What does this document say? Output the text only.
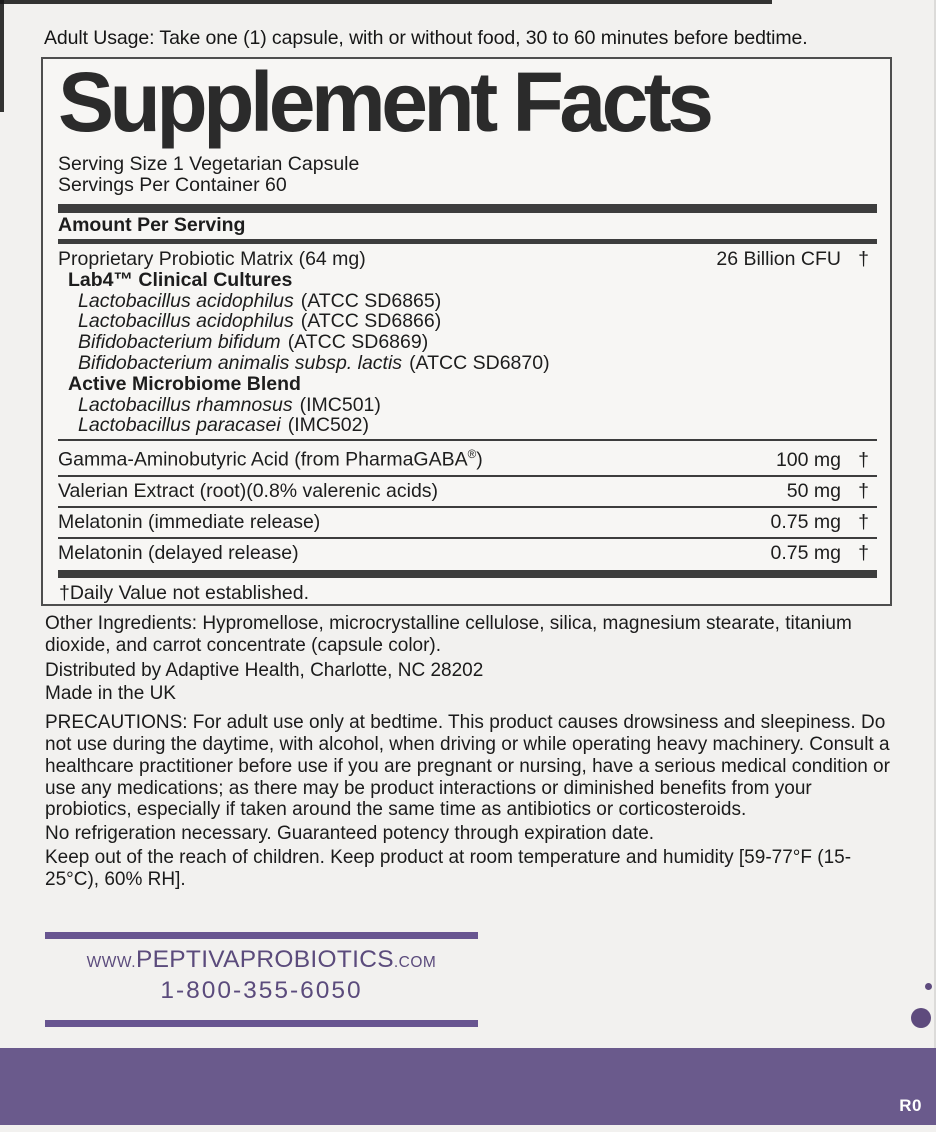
Adult Usage: Take one (1) capsule, with or without food, 30 to 60 minutes before bedtime.
Supplement Facts
Serving Size 1 Vegetarian Capsule
Servings Per Container 60
Amount Per Serving
Proprietary Probiotic Matrix (64 mg)	26 Billion CFU †
Lab4™ Clinical Cultures
Lactobacillus acidophilus (ATCC SD6865)
Lactobacillus acidophilus (ATCC SD6866)
Bifidobacterium bifidum (ATCC SD6869)
Bifidobacterium animalis subsp. lactis (ATCC SD6870)
Active Microbiome Blend
Lactobacillus rhamnosus (IMC501)
Lactobacillus paracasei (IMC502)
Gamma-Aminobutyric Acid (from PharmaGABA®)	100 mg †
Valerian Extract (root)(0.8% valerenic acids)	50 mg †
Melatonin (immediate release)	0.75 mg †
Melatonin (delayed release)	0.75 mg †
†Daily Value not established.

Other Ingredients: Hypromellose, microcrystalline cellulose, silica, magnesium stearate, titanium dioxide, and carrot concentrate (capsule color).

Distributed by Adaptive Health, Charlotte, NC 28202

Made in the UK

PRECAUTIONS: For adult use only at bedtime. This product causes drowsiness and sleepiness. Do not use during the daytime, with alcohol, when driving or while operating heavy machinery. Consult a healthcare practitioner before use if you are pregnant or nursing, have a serious medical condition or use any medications; as there may be product interactions or diminished benefits from your probiotics, especially if taken around the same time as antibiotics or corticosteroids.

No refrigeration necessary. Guaranteed potency through expiration date.

Keep out of the reach of children. Keep product at room temperature and humidity [59-77°F (15-25°C), 60% RH].

WWW.PEPTIVAPROBIOTICS.COM
1-800-355-6050
R0
